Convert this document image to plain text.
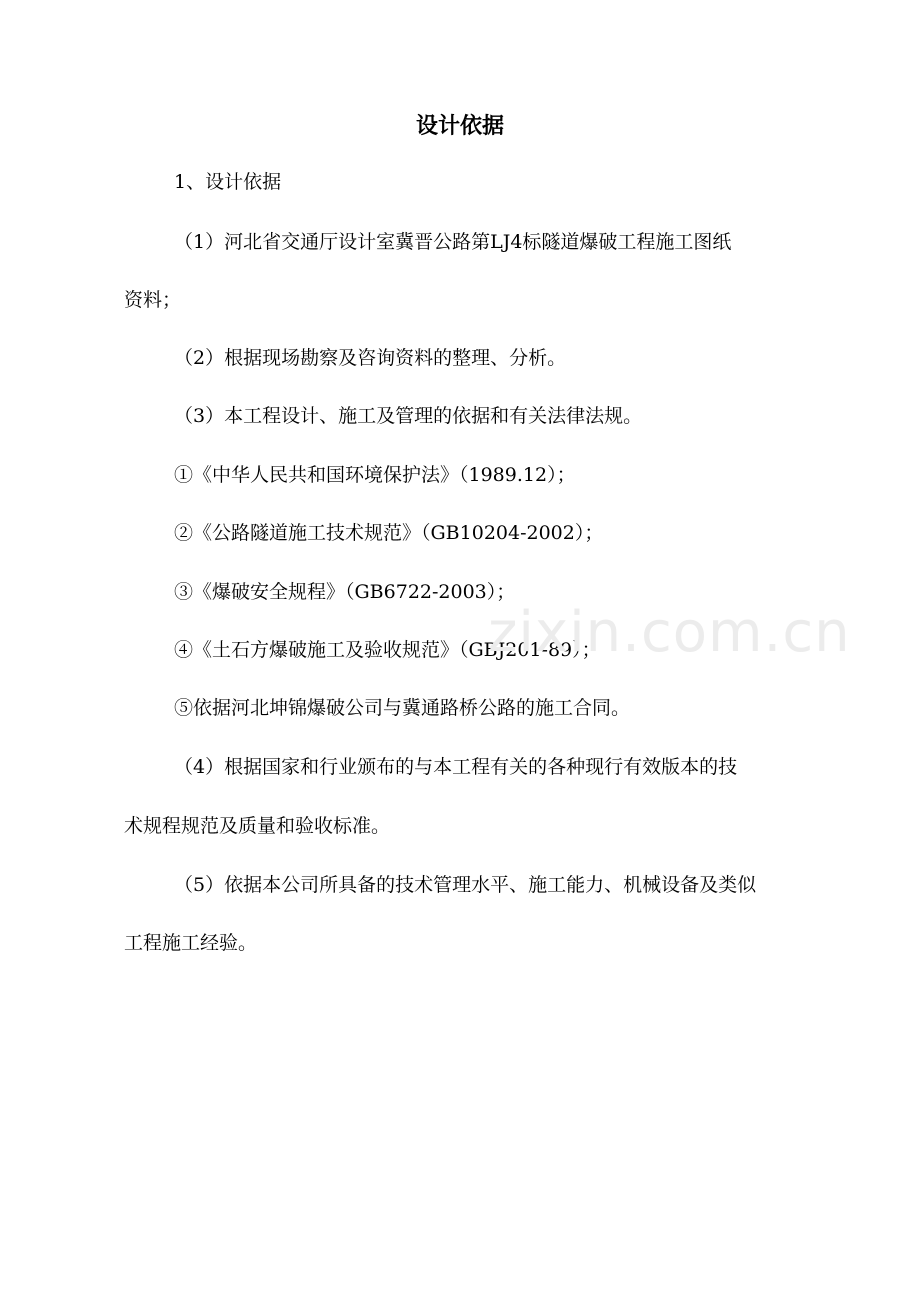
设计依据
1、设计依据
（1）河北省交通厅设计室冀晋公路第LJ4标隧道爆破工程施工图纸
资料；
（2）根据现场勘察及咨询资料的整理、分析。
（3）本工程设计、施工及管理的依据和有关法律法规。
①《中华人民共和国环境保护法》（1989.12）；
②《公路隧道施工技术规范》（GB10204-2002）；
③《爆破安全规程》（GB6722-2003）；
④《土石方爆破施工及验收规范》（GBJ201-89）；
⑤依据河北坤锦爆破公司与冀通路桥公路的施工合同。
（4）根据国家和行业颁布的与本工程有关的各种现行有效版本的技
术规程规范及质量和验收标准。
（5）依据本公司所具备的技术管理水平、施工能力、机械设备及类似
工程施工经验。
zixin.com.cn
